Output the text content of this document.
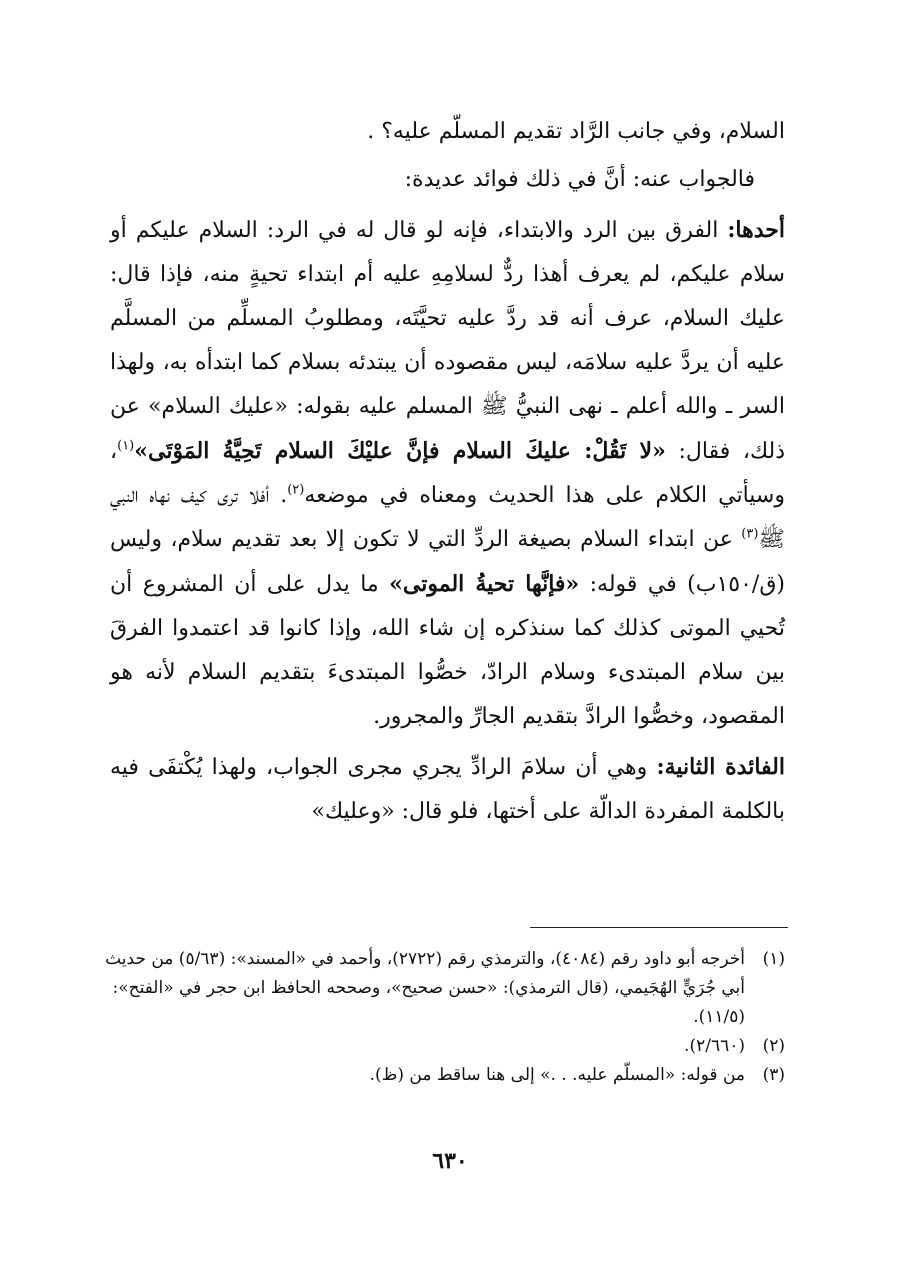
السلام، وفي جانب الرَّاد تقديم المسلّم عليه؟ .

فالجواب عنه: أنَّ في ذلك فوائد عديدة:

أحدها: الفرق بين الرد والابتداء، فإنه لو قال له في الرد: السلام عليكم أو سلام عليكم، لم يعرف أهذا ردٌّ لسلامِهِ عليه أم ابتداء تحيةٍ منه، فإذا قال: عليك السلام، عرف أنه قد ردَّ عليه تحيَّتَه، ومطلوبُ المسلِّم من المسلَّم عليه أن يردَّ عليه سلامَه، ليس مقصوده أن يبتدئه بسلام كما ابتدأه به، ولهذا السر ـ والله أعلم ـ نهى النبيُّ ﷺ المسلم عليه بقوله: «عليك السلام» عن ذلك، فقال: «لا تَقُلْ: عليكَ السلام فإنَّ عليْكَ السلام تَحِيَّةُ المَوْتَى»$^{(١)}$، وسيأتي الكلام على هذا الحديث ومعناه في موضعه$^{(٢)}$. أفلا ترى كيف نهاه النبي ﷺ$^{(٣)}$ عن ابتداء السلام بصيغة الردِّ التي لا تكون إلا بعد تقديم سلام، وليس (ق/١٥٠ب) في قوله: «فإنَّها تحيةُ الموتى» ما يدل على أن المشروع أن تُحيي الموتى كذلك كما سنذكره إن شاء الله، وإذا كانوا قد اعتمدوا الفرقَ بين سلام المبتدىء وسلام الرادّ، خصُّوا المبتدىءَ بتقديم السلام لأنه هو المقصود، وخصُّوا الرادَّ بتقديم الجارِّ والمجرور.

الفائدة الثانية: وهي أن سلامَ الرادِّ يجري مجرى الجواب، ولهذا يُكْتفَى فيه بالكلمة المفردة الدالّة على أختها، فلو قال: «وعليك»

(١)
أخرجه أبو داود رقم (٤٠٨٤)، والترمذي رقم (٢٧٢٢)، وأحمد في «المسند»: (٥/٦٣) من حديث أبي جُرَيٍّ الهُجَيمي، (قال الترمذي): «حسن صحيح»، وصححه الحافظ ابن حجر في «الفتح»: (١١/٥).
(٢)
(٢/٦٦٠).
(٣)
من قوله: «المسلّم عليه. . .» إلى هنا ساقط من (ظ).
٦٣٠
